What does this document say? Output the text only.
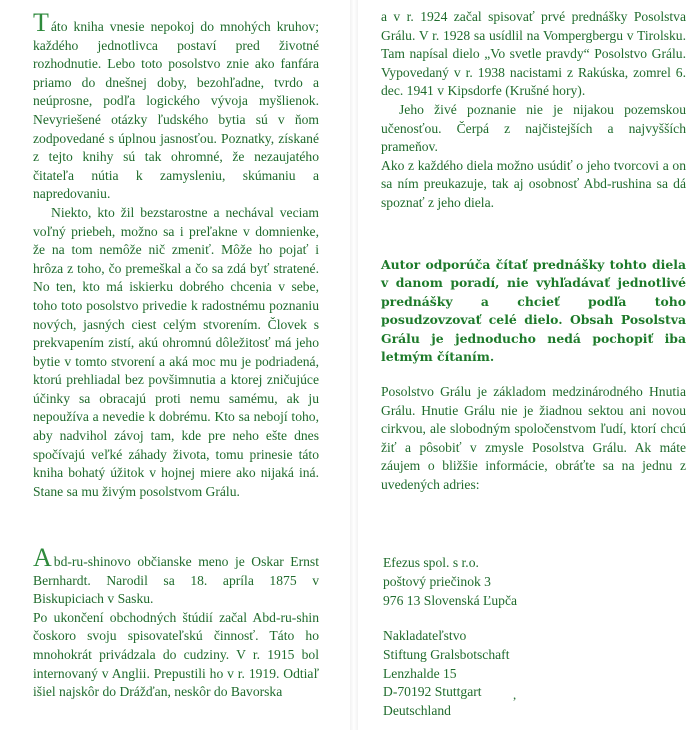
Táto kniha vnesie nepokoj do mnohých kruhov; každého jednotlivca postaví pred životné rozhodnutie. Lebo toto posolstvo znie ako fanfára priamo do dnešnej doby, bezohľadne, tvrdo a neúprosne, podľa logického vývoja myšlienok. Nevyriešené otázky ľudského bytia sú v ňom zodpovedané s úplnou jasnosťou. Poznatky, získané z tejto knihy sú tak ohromné, že nezaujatého čitateľa nútia k zamysleniu, skúmaniu a napredovaniu.

Niekto, kto žil bezstarostne a nechával veciam voľný priebeh, možno sa i preľakne v domnienke, že na tom nemôže nič zmeniť. Môže ho pojať i hrôza z toho, čo premeškal a čo sa zdá byť stratené. No ten, kto má iskierku dobrého chcenia v sebe, toho toto posolstvo privedie k radostnému poznaniu nových, jasných ciest celým stvorením. Človek s prekvapením zistí, akú ohromnú dôležitosť má jeho bytie v tomto stvorení a aká moc mu je podriadená, ktorú prehliadal bez povšimnutia a ktorej zničujúce účinky sa obracajú proti nemu samému, ak ju nepoužíva a nevedie k dobrému. Kto sa nebojí toho, aby nadvihol závoj tam, kde pre neho ešte dnes spočívajú veľké záhady života, tomu prinesie táto kniha bohatý úžitok v hojnej miere ako nijaká iná. Stane sa mu živým posolstvom Grálu.

Abd-ru-shinovo občianske meno je Oskar Ernst Bernhardt. Narodil sa 18. apríla 1875 v Biskupiciach v Sasku.

Po ukončení obchodných štúdií začal Abd-ru-shin čoskoro svoju spisovateľskú činnosť. Táto ho mnohokrát privádzala do cudziny. V r. 1915 bol internovaný v Anglii. Prepustili ho v r. 1919. Odtiaľ išiel najskôr do Drážďan, neskôr do Bavorska

a v r. 1924 začal spisovať prvé prednášky Posolstva Grálu. V r. 1928 sa usídlil na Vompergbergu v Tirolsku. Tam napísal dielo „Vo svetle pravdy“ Posolstvo Grálu. Vypovedaný v r. 1938 nacistami z Rakúska, zomrel 6. dec. 1941 v Kipsdorfe (Krušné hory).

Jeho živé poznanie nie je nijakou pozemskou učenosťou. Čerpá z najčistejších a najvyšších prameňov.

Ako z každého diela možno usúdiť o jeho tvorcovi a on sa ním preukazuje, tak aj osobnosť Abd-rushina sa dá spoznať z jeho diela.

Autor odporúča čítať prednášky tohto diela v danom poradí, nie vyhľadávať jednotlivé prednášky a chcieť podľa toho posudzovzovať celé dielo. Obsah Posolstva Grálu je jednoducho nedá pochopiť iba letmým čítaním.

Posolstvo Grálu je základom medzinárodného Hnutia Grálu. Hnutie Grálu nie je žiadnou sektou ani novou cirkvou, ale slobodným spoločenstvom ľudí, ktorí chcú žiť a pôsobiť v zmysle Posolstva Grálu. Ak máte záujem o bližšie informácie, obráťte sa na jednu z uvedených adries:

Efezus spol. s r.o.
poštový priečinok 3
976 13 Slovenská Ľupča
Nakladateľstvo
Stiftung Gralsbotschaft
Lenzhalde 15
D-70192 Stuttgart
Deutschland
,
